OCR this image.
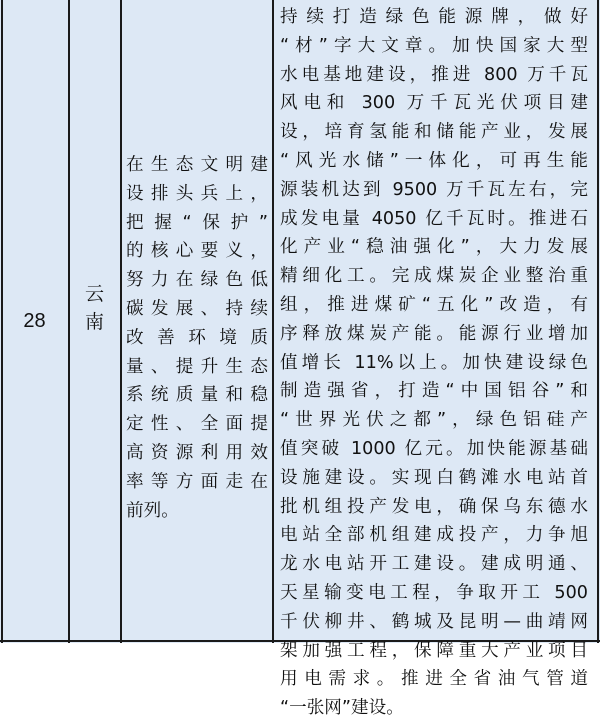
28
云
南
在生态文明建
设排头兵上，
把握“保护”
的核心要义，
努力在绿色低
碳发展、持续
改善环境质
量、提升生态
系统质量和稳
定性、全面提
高资源利用效
率等方面走在
前列。
持续打造绿色能源牌，做好
“材”字大文章。加快国家大型
水电基地建设，推进 800 万千瓦
风电和 300 万千瓦光伏项目建
设，培育氢能和储能产业，发展
“风光水储”一体化，可再生能
源装机达到 9500 万千瓦左右，完
成发电量 4050 亿千瓦时。推进石
化产业“稳油强化”，大力发展
精细化工。完成煤炭企业整治重
组，推进煤矿“五化”改造，有
序释放煤炭产能。能源行业增加
值增长 11%以上。加快建设绿色
制造强省，打造“中国铝谷”和
“世界光伏之都”，绿色铝硅产
值突破 1000 亿元。加快能源基础
设施建设。实现白鹤滩水电站首
批机组投产发电，确保乌东德水
电站全部机组建成投产，力争旭
龙水电站开工建设。建成明通、
天星输变电工程，争取开工 500
千伏柳井、鹤城及昆明—曲靖网
架加强工程，保障重大产业项目
用电需求。推进全省油气管道
“一张网”建设。
